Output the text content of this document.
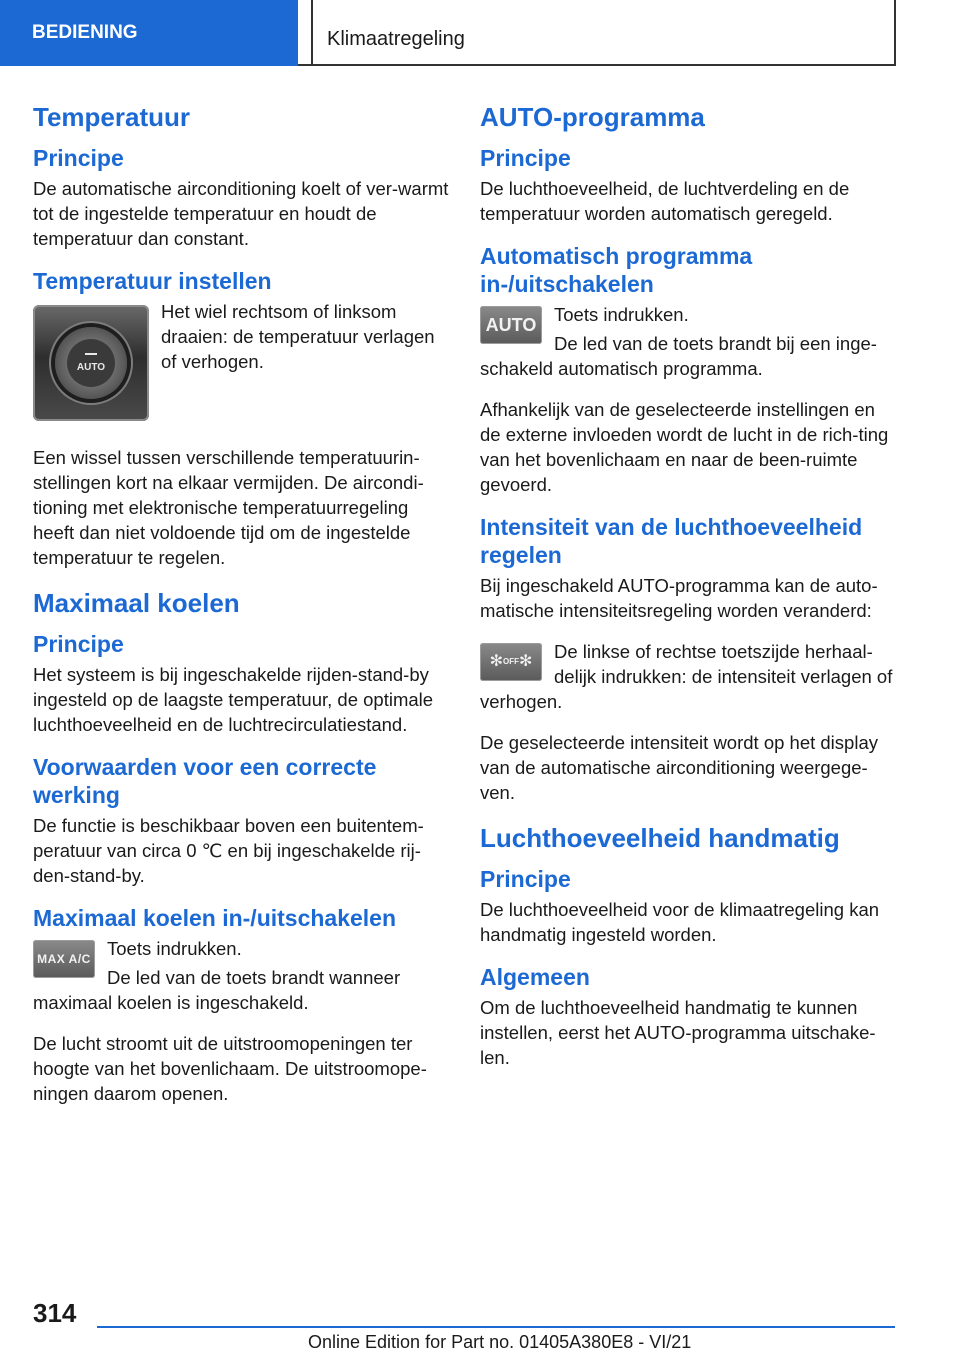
BEDIENING	Klimaatregeling
Temperatuur
Principe

De automatische airconditioning koelt of ver-warmt tot de ingestelde temperatuur en houdt de temperatuur dan constant.

Temperatuur instellen
AUTO

Het wiel rechtsom of linksom draaien: de temperatuur verlagen of verhogen.

Een wissel tussen verschillende temperatuurin-stellingen kort na elkaar vermijden. De aircondi-tioning met elektronische temperatuurregeling heeft dan niet voldoende tijd om de ingestelde temperatuur te regelen.

Maximaal koelen
Principe

Het systeem is bij ingeschakelde rijden-stand-by ingesteld op de laagste temperatuur, de optimale luchthoeveelheid en de luchtrecirculatiestand.

Voorwaarden voor een correcte werking

De functie is beschikbaar boven een buitentem-peratuur van circa 0 ℃ en bij ingeschakelde rij-den-stand-by.

Maximaal koelen in-/uitschakelen
MAX A/C Toets indrukken.

De led van de toets brandt wanneer maximaal koelen is ingeschakeld.

De lucht stroomt uit de uitstroomopeningen ter hoogte van het bovenlichaam. De uitstroomope-ningen daarom openen.

AUTO-programma
Principe

De luchthoeveelheid, de luchtverdeling en de temperatuur worden automatisch geregeld.

Automatisch programma in-/uitschakelen
AUTO Toets indrukken.

De led van de toets brandt bij een inge-schakeld automatisch programma.

Afhankelijk van de geselecteerde instellingen en de externe invloeden wordt de lucht in de rich-ting van het bovenlichaam en naar de been-ruimte gevoerd.

Intensiteit van de luchthoeveelheid regelen

Bij ingeschakeld AUTO-programma kan de auto-matische intensiteitsregeling worden veranderd:

✻OFF✻	De linkse of rechtse toetszijde herhaal-delijk indrukken: de intensiteit verlagen of verhogen.

De geselecteerde intensiteit wordt op het display van de automatische airconditioning weergege-ven.

Luchthoeveelheid handmatig
Principe

De luchthoeveelheid voor de klimaatregeling kan handmatig ingesteld worden.

Algemeen

Om de luchthoeveelheid handmatig te kunnen instellen, eerst het AUTO-programma uitschake-len.

314
Online Edition for Part no. 01405A380E8 - VI/21
